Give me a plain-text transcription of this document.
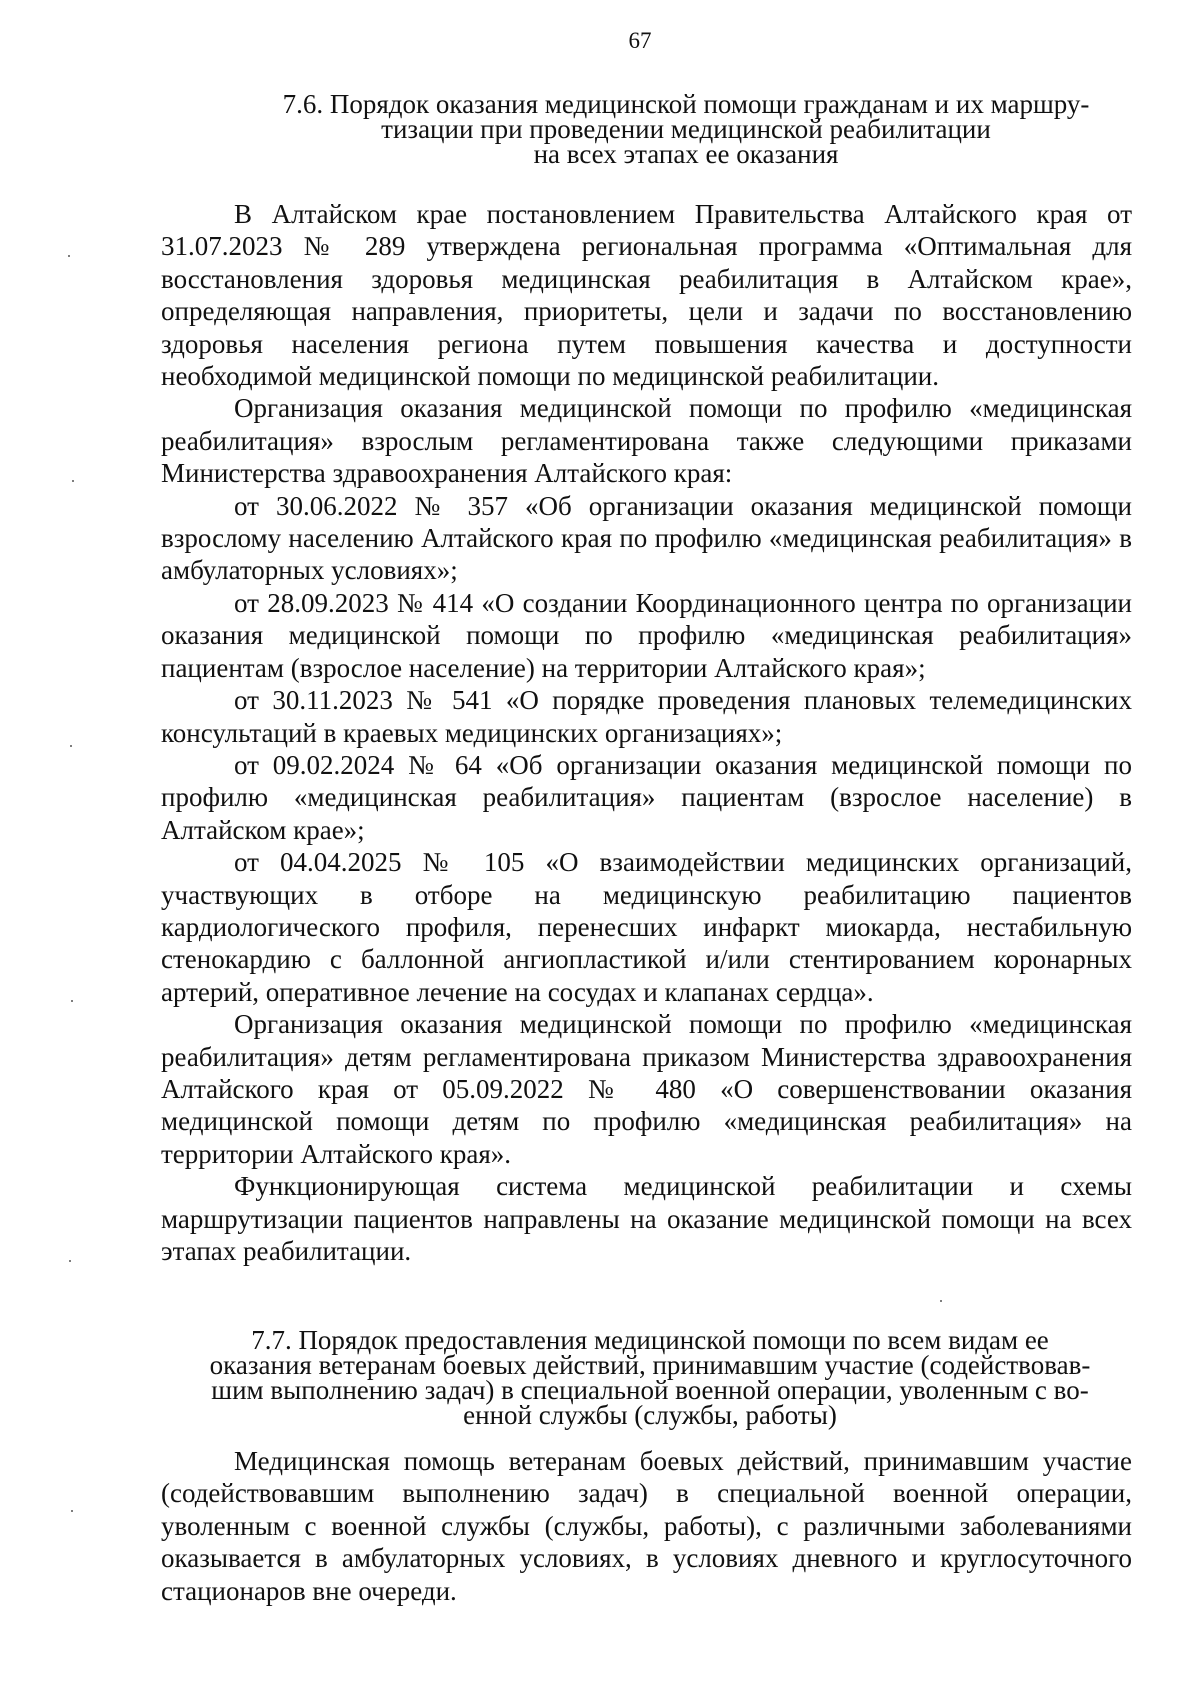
67
7.6. Порядок оказания медицинской помощи гражданам и их маршру-
тизации при проведении медицинской реабилитации
на всех этапах ее оказания

В Алтайском крае постановлением Правительства Алтайского края от 31.07.2023 № 289 утверждена региональная программа «Оптимальная для восстановления здоровья медицинская реабилитация в Алтайском крае», определяющая направления, приоритеты, цели и задачи по восстановлению здоровья населения региона путем повышения качества и доступности необходимой медицинской помощи по медицинской реабилитации.

Организация оказания медицинской помощи по профилю «медицинская реабилитация» взрослым регламентирована также следующими приказами Министерства здравоохранения Алтайского края:

от 30.06.2022 № 357 «Об организации оказания медицинской помощи взрослому населению Алтайского края по профилю «медицинская реабилитация» в амбулаторных условиях»;

от 28.09.2023 № 414 «О создании Координационного центра по организации оказания медицинской помощи по профилю «медицинская реабилитация» пациентам (взрослое население) на территории Алтайского края»;

от 30.11.2023 № 541 «О порядке проведения плановых телемедицинских консультаций в краевых медицинских организациях»;

от 09.02.2024 № 64 «Об организации оказания медицинской помощи по профилю «медицинская реабилитация» пациентам (взрослое население) в Алтайском крае»;

от 04.04.2025 № 105 «О взаимодействии медицинских организаций, участвующих в отборе на медицинскую реабилитацию пациентов кардиологического профиля, перенесших инфаркт миокарда, нестабильную стенокардию с баллонной ангиопластикой и/или стентированием коронарных артерий, оперативное лечение на сосудах и клапанах сердца».

Организация оказания медицинской помощи по профилю «медицинская реабилитация» детям регламентирована приказом Министерства здравоохранения Алтайского края от 05.09.2022 № 480 «О совершенствовании оказания медицинской помощи детям по профилю «медицинская реабилитация» на территории Алтайского края».

Функционирующая система медицинской реабилитации и схемы маршрутизации пациентов направлены на оказание медицинской помощи на всех этапах реабилитации.

7.7. Порядок предоставления медицинской помощи по всем видам ее
оказания ветеранам боевых действий, принимавшим участие (содействовав-
шим выполнению задач) в специальной военной операции, уволенным с во-
енной службы (службы, работы)

Медицинская помощь ветеранам боевых действий, принимавшим участие (содействовавшим выполнению задач) в специальной военной операции, уволенным с военной службы (службы, работы), с различными заболеваниями оказывается в амбулаторных условиях, в условиях дневного и круглосуточного стационаров вне очереди.
